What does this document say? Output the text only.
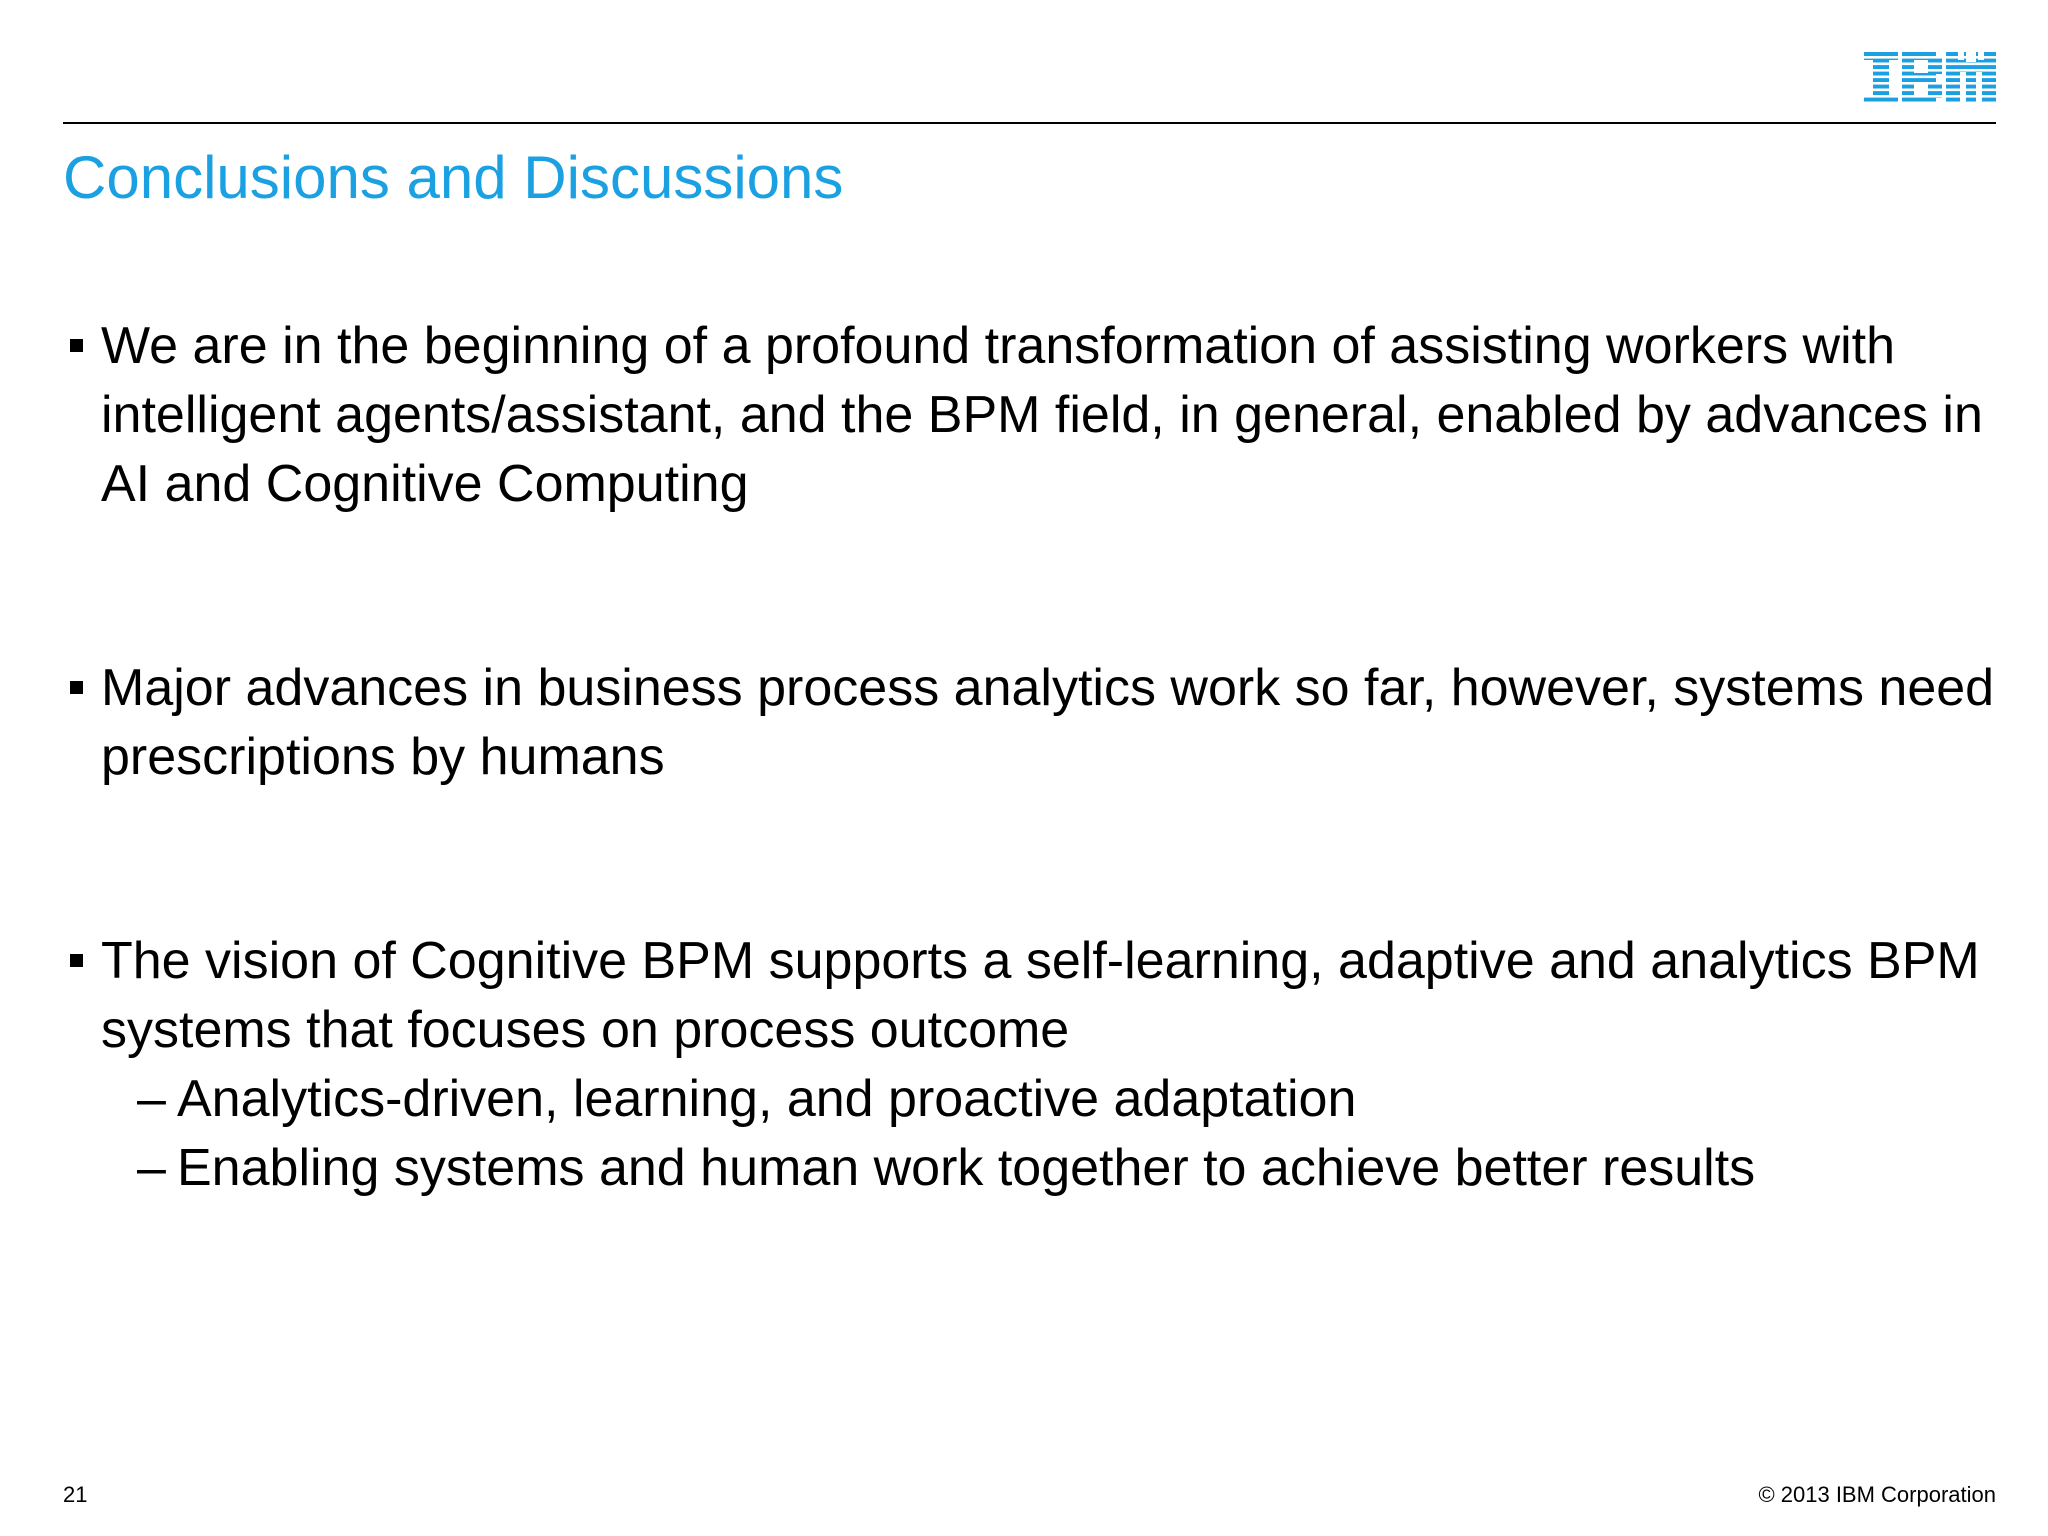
Conclusions and Discussions
We are in the beginning of a profound transformation of assisting workers with intelligent agents/assistant, and the BPM field, in general, enabled by advances in AI and Cognitive Computing
Major advances in business process analytics work so far, however, systems need prescriptions by humans
The vision of Cognitive BPM supports a self-learning, adaptive and analytics BPM systems that focuses on process outcome
– Analytics-driven, learning, and proactive adaptation
– Enabling systems and human work together to achieve better results
21	© 2013 IBM Corporation
